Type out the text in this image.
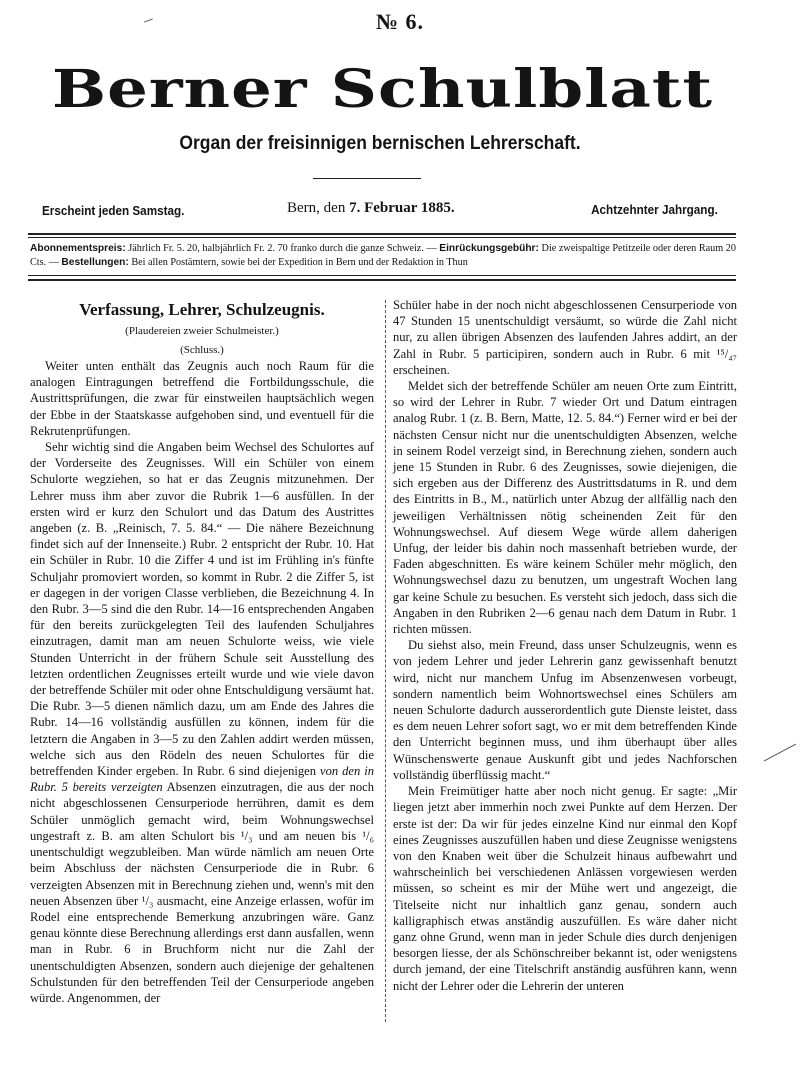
№ 6.
Berner Schulblatt
Organ der freisinnigen bernischen Lehrerschaft.
Erscheint jeden Samstag.	Bern, den 7. Februar 1885.	Achtzehnter Jahrgang.
Abonnementspreis: Jährlich Fr. 5. 20, halbjährlich Fr. 2. 70 franko durch die ganze Schweiz. — Einrückungsgebühr: Die zweispaltige Petitzeile oder deren Raum 20 Cts. — Bestellungen: Bei allen Postämtern, sowie bei der Expedition in Bern und der Redaktion in Thun
Verfassung, Lehrer, Schulzeugnis.
(Plaudereien zweier Schulmeister.)
(Schluss.)

Weiter unten enthält das Zeugnis auch noch Raum für die analogen Eintragungen betreffend die Fortbildungsschule, die Austrittsprüfungen, die zwar für einstweilen hauptsächlich wegen der Ebbe in der Staatskasse aufgehoben sind, und eventuell für die Rekrutenprüfungen.

Sehr wichtig sind die Angaben beim Wechsel des Schulortes auf der Vorderseite des Zeugnisses. Will ein Schüler von einem Schulorte wegziehen, so hat er das Zeugnis mitzunehmen. Der Lehrer muss ihm aber zuvor die Rubrik 1—6 ausfüllen. In der ersten wird er kurz den Schulort und das Datum des Austrittes angeben (z. B. „Reinisch, 7. 5. 84.“ — Die nähere Bezeichnung findet sich auf der Innenseite.) Rubr. 2 entspricht der Rubr. 10. Hat ein Schüler in Rubr. 10 die Ziffer 4 und ist im Frühling in's fünfte Schuljahr promoviert worden, so kommt in Rubr. 2 die Ziffer 5, ist er dagegen in der vorigen Classe verblieben, die Bezeichnung 4. In den Rubr. 3—5 sind die den Rubr. 14—16 entsprechenden Angaben für den bereits zurückgelegten Teil des laufenden Schuljahres einzutragen, damit man am neuen Schulorte weiss, wie viele Stunden Unterricht in der frühern Schule seit Ausstellung des letzten ordentlichen Zeugnisses erteilt wurde und wie viele davon der betreffende Schüler mit oder ohne Entschuldigung versäumt hat. Die Rubr. 3—5 dienen nämlich dazu, um am Ende des Jahres die Rubr. 14—16 vollständig ausfüllen zu können, indem für die letztern die Angaben in 3—5 zu den Zahlen addirt werden müssen, welche sich aus den Rödeln des neuen Schulortes für die betreffenden Kinder ergeben. In Rubr. 6 sind diejenigen von den in Rubr. 5 bereits verzeigten Absenzen einzutragen, die aus der noch nicht abgeschlossenen Censurperiode herrühren, damit es dem Schüler unmöglich gemacht wird, beim Wohnungswechsel ungestraft z. B. am alten Schulort bis ¹/₃ und am neuen bis ¹/₆ unentschuldigt wegzubleiben. Man würde nämlich am neuen Orte beim Abschluss der nächsten Censurperiode die in Rubr. 6 verzeigten Absenzen mit in Berechnung ziehen und, wenn's mit den neuen Absenzen über ¹/₃ ausmacht, eine Anzeige erlassen, wofür im Rodel eine entsprechende Bemerkung anzubringen wäre. Ganz genau könnte diese Berechnung allerdings erst dann ausfallen, wenn man in Rubr. 6 in Bruchform nicht nur die Zahl der unentschuldigten Absenzen, sondern auch diejenige der gehaltenen Schulstunden für den betreffenden Teil der Censurperiode angeben würde. Angenommen, der

Schüler habe in der noch nicht abgeschlossenen Censurperiode von 47 Stunden 15 unentschuldigt versäumt, so würde die Zahl nicht nur, zu allen übrigen Absenzen des laufenden Jahres addirt, an der Zahl in Rubr. 5 participiren, sondern auch in Rubr. 6 mit ¹⁵/₄₇ erscheinen.

Meldet sich der betreffende Schüler am neuen Orte zum Eintritt, so wird der Lehrer in Rubr. 7 wieder Ort und Datum eintragen analog Rubr. 1 (z. B. Bern, Matte, 12. 5. 84.“) Ferner wird er bei der nächsten Censur nicht nur die unentschuldigten Absenzen, welche in seinem Rodel verzeigt sind, in Berechnung ziehen, sondern auch jene 15 Stunden in Rubr. 6 des Zeugnisses, sowie diejenigen, die sich ergeben aus der Differenz des Austrittsdatums in R. und dem des Eintritts in B., M., natürlich unter Abzug der allfällig nach den jeweiligen Verhältnissen nötig scheinenden Zeit für den Wohnungswechsel. Auf diesem Wege würde allem daherigen Unfug, der leider bis dahin noch massenhaft betrieben wurde, der Faden abgeschnitten. Es wäre keinem Schüler mehr möglich, den Wohnungswechsel dazu zu benutzen, um ungestraft Wochen lang gar keine Schule zu besuchen. Es versteht sich jedoch, dass sich die Angaben in den Rubriken 2—6 genau nach dem Datum in Rubr. 1 richten müssen.

Du siehst also, mein Freund, dass unser Schulzeugnis, wenn es von jedem Lehrer und jeder Lehrerin ganz gewissenhaft benutzt wird, nicht nur manchem Unfug im Absenzenwesen vorbeugt, sondern namentlich beim Wohnortswechsel eines Schülers am neuen Schulorte dadurch ausserordentlich gute Dienste leistet, dass es dem neuen Lehrer sofort sagt, wo er mit dem betreffenden Kinde den Unterricht beginnen muss, und ihm überhaupt über alles Wünschenswerte genaue Auskunft gibt und jedes Nachforschen vollständig überflüssig macht.“

Mein Freimütiger hatte aber noch nicht genug. Er sagte: „Mir liegen jetzt aber immerhin noch zwei Punkte auf dem Herzen. Der erste ist der: Da wir für jedes einzelne Kind nur einmal den Kopf eines Zeugnisses auszufüllen haben und diese Zeugnisse wenigstens von den Knaben weit über die Schulzeit hinaus aufbewahrt und wahrscheinlich bei verschiedenen Anlässen vorgewiesen werden müssen, so scheint es mir der Mühe wert und angezeigt, die Titelseite nicht nur inhaltlich ganz genau, sondern auch kalligraphisch etwas anständig auszufüllen. Es wäre daher nicht ganz ohne Grund, wenn man in jeder Schule dies durch denjenigen besorgen liesse, der als Schönschreiber bekannt ist, oder wenigstens durch jemand, der eine Titelschrift anständig ausführen kann, wenn nicht der Lehrer oder die Lehrerin der unteren
